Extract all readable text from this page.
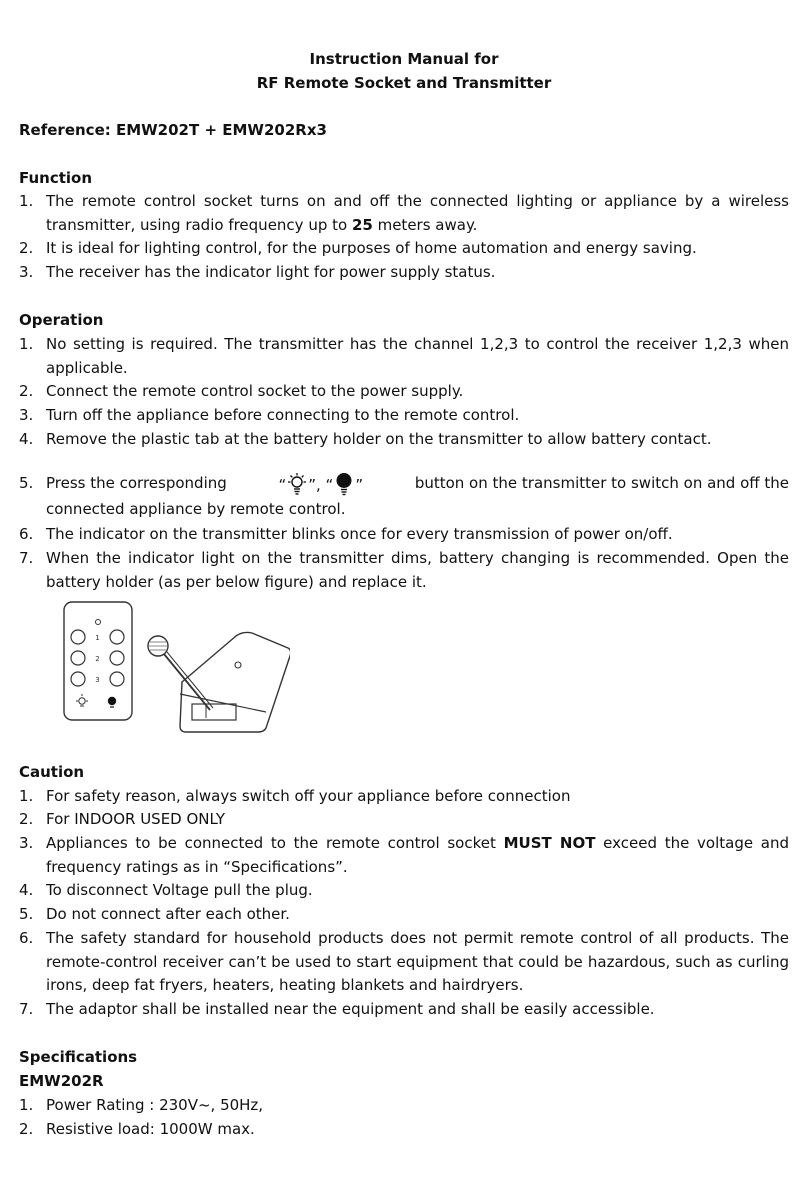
Instruction Manual for
RF Remote Socket and Transmitter
Reference: EMW202T + EMW202Rx3
Function
1. The remote control socket turns on and off the connected lighting or appliance by a wireless transmitter, using radio frequency up to 25 meters away.
2. It is ideal for lighting control, for the purposes of home automation and energy saving.
3. The receiver has the indicator light for power supply status.
Operation
1. No setting is required. The transmitter has the channel 1,2,3 to control the receiver 1,2,3 when applicable.
2. Connect the remote control socket to the power supply.
3. Turn off the appliance before connecting to the remote control.
4. Remove the plastic tab at the battery holder on the transmitter to allow battery contact.
5. Press the corresponding	“ ”, “ ”	button on the transmitter to switch on and off the
connected appliance by remote control.
6. The indicator on the transmitter blinks once for every transmission of power on/off.
7. When the indicator light on the transmitter dims, battery changing is recommended. Open the battery holder (as per below figure) and replace it.
1
2
3
Caution
1. For safety reason, always switch off your appliance before connection
2. For INDOOR USED ONLY
3. Appliances to be connected to the remote control socket MUST NOT exceed the voltage and frequency ratings as in “Specifications”.
4. To disconnect Voltage pull the plug.
5. Do not connect after each other.
6. The safety standard for household products does not permit remote control of all products. The remote-control receiver can’t be used to start equipment that could be hazardous, such as curling irons, deep fat fryers, heaters, heating blankets and hairdryers.
7. The adaptor shall be installed near the equipment and shall be easily accessible.
Specifications
EMW202R
1. Power Rating : 230V~, 50Hz,
2. Resistive load: 1000W max.
